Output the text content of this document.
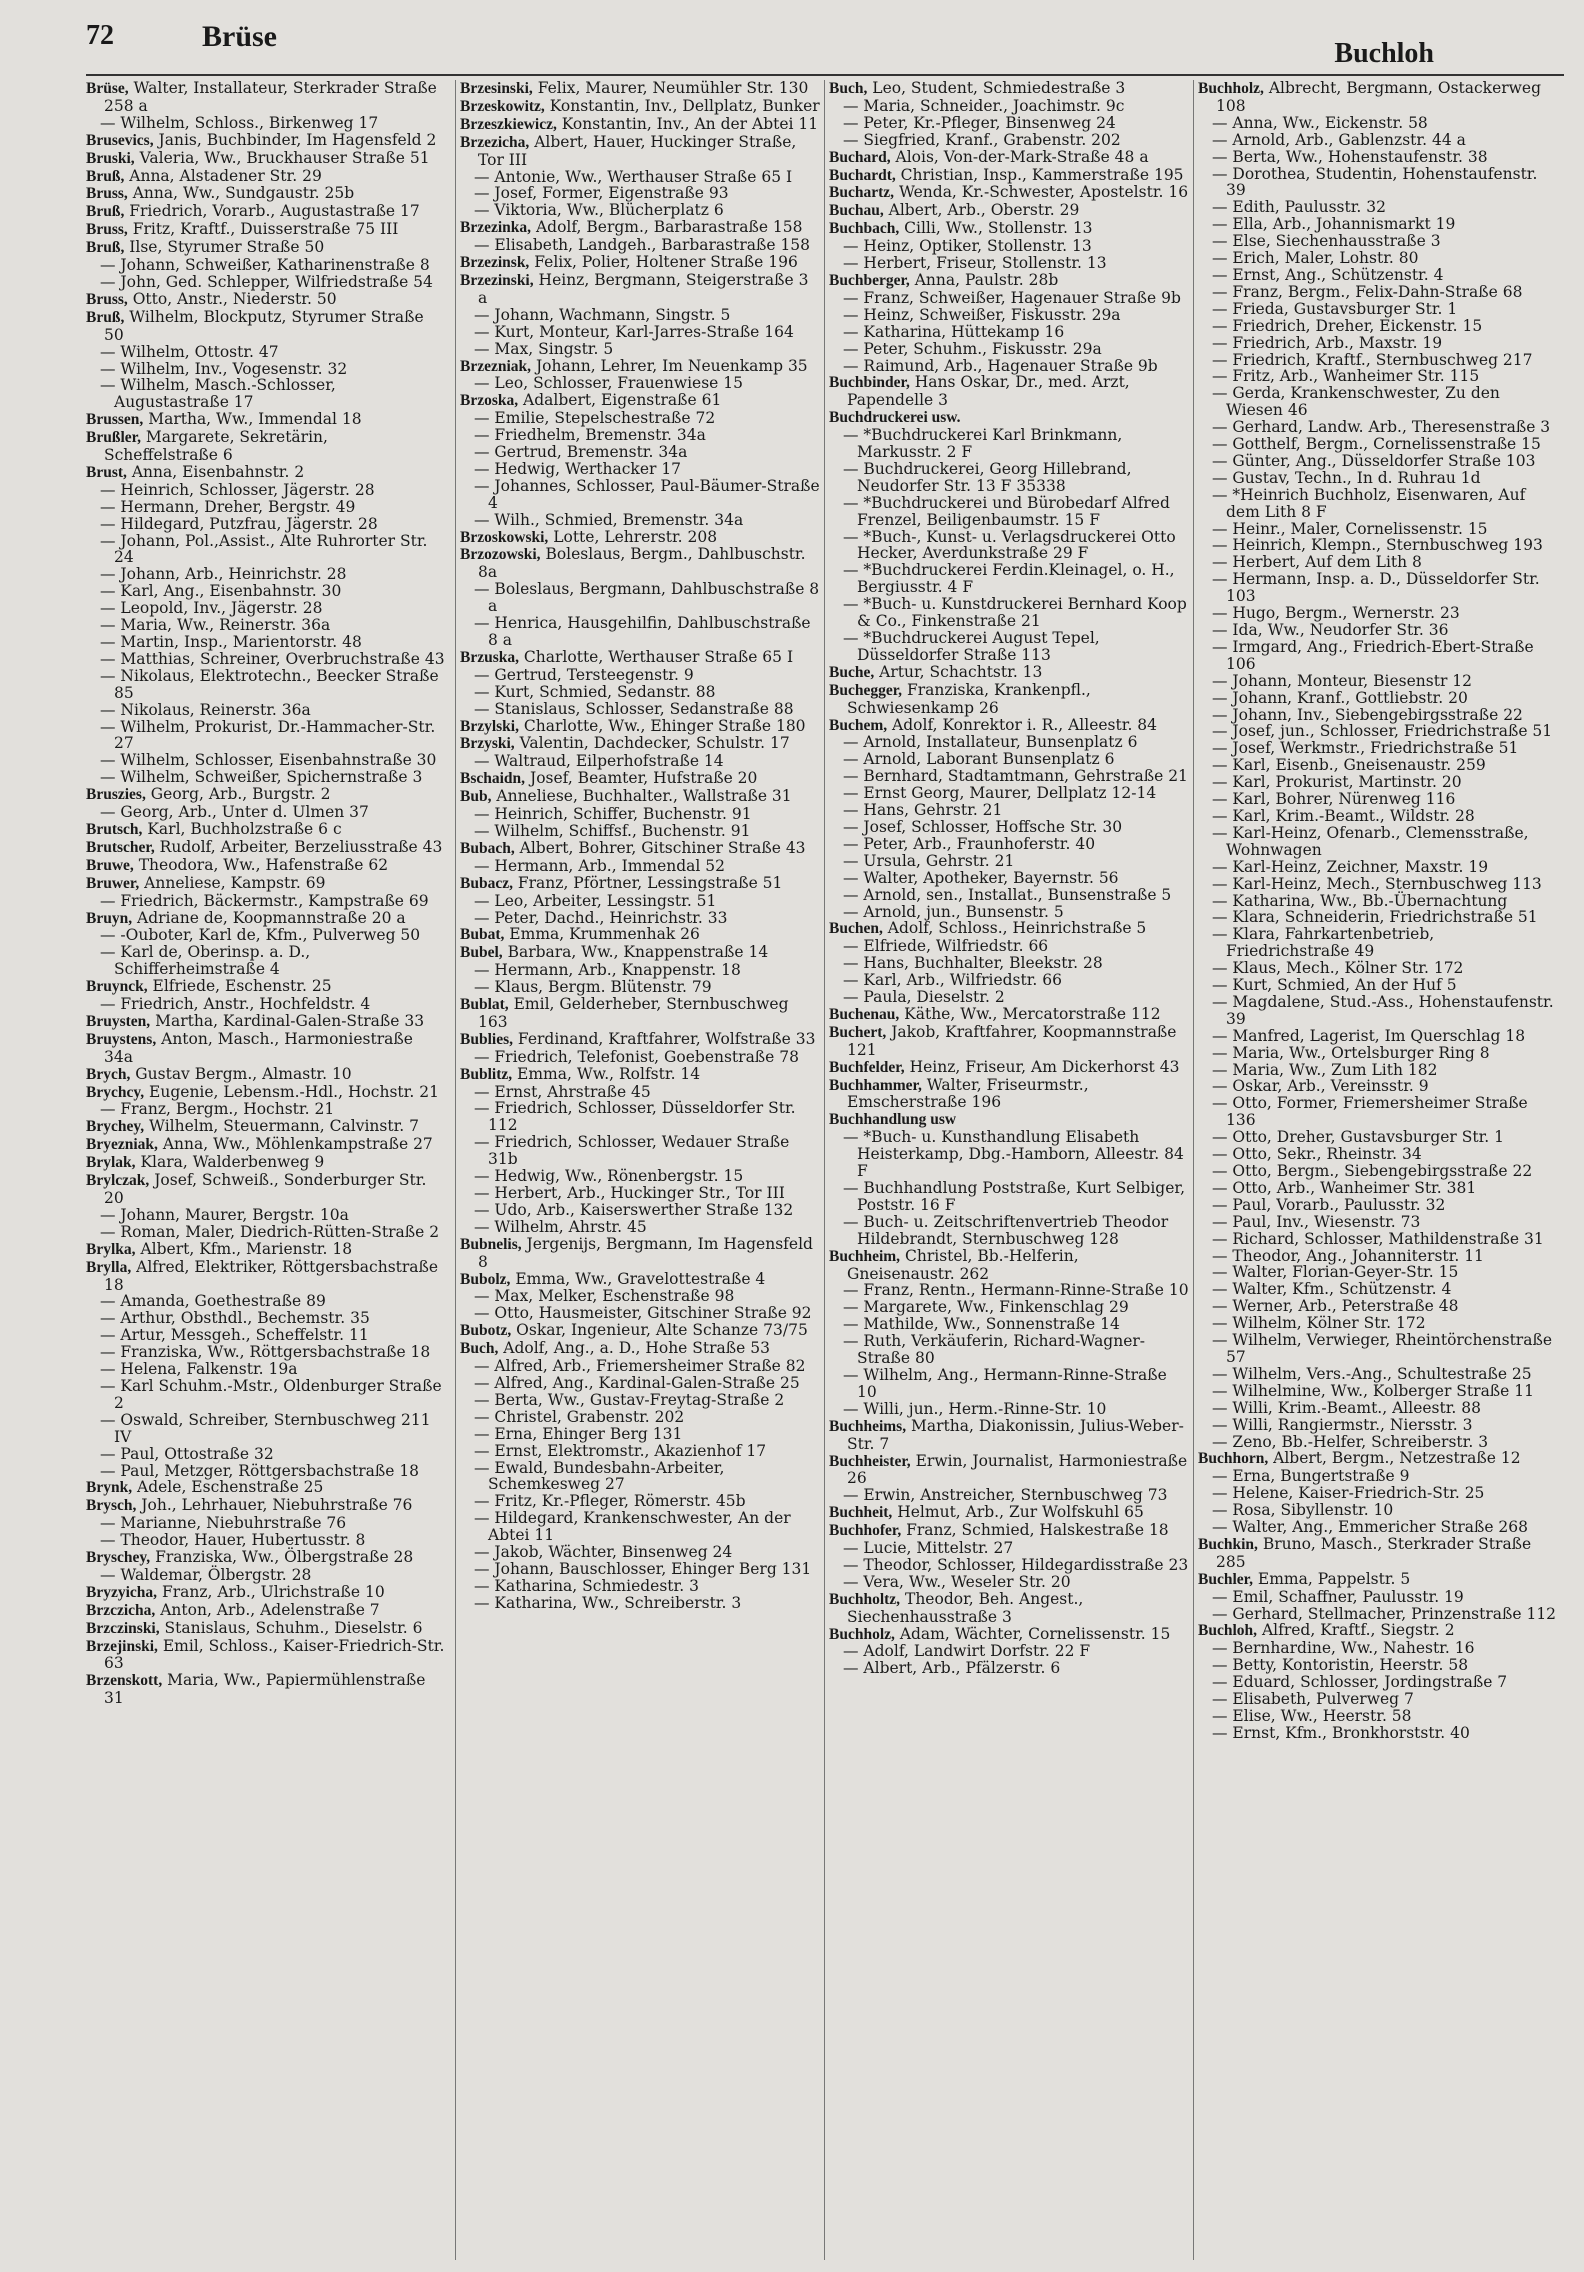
72	Brüse
Buchloh

Brüse, Walter, Installateur, Sterkrader Straße 258 a

— Wilhelm, Schloss., Birkenweg 17

Brusevics, Janis, Buchbinder, Im Hagensfeld 2

Bruski, Valeria, Ww., Bruckhauser Straße 51

Bruß, Anna, Alstadener Str. 29

Bruss, Anna, Ww., Sundgaustr. 25b

Bruß, Friedrich, Vorarb., Augustastraße 17

Bruss, Fritz, Kraftf., Duisserstraße 75 III

Bruß, Ilse, Styrumer Straße 50

— Johann, Schweißer, Katharinenstraße 8

— John, Ged. Schlepper, Wilfriedstraße 54

Bruss, Otto, Anstr., Niederstr. 50

Bruß, Wilhelm, Blockputz, Styrumer Straße 50

— Wilhelm, Ottostr. 47

— Wilhelm, Inv., Vogesenstr. 32

— Wilhelm, Masch.-Schlosser, Augustastraße 17

Brussen, Martha, Ww., Immendal 18

Brußler, Margarete, Sekretärin, Scheffelstraße 6

Brust, Anna, Eisenbahnstr. 2

— Heinrich, Schlosser, Jägerstr. 28

— Hermann, Dreher, Bergstr. 49

— Hildegard, Putzfrau, Jägerstr. 28

— Johann, Pol.,Assist., Alte Ruhrorter Str. 24

— Johann, Arb., Heinrichstr. 28

— Karl, Ang., Eisenbahnstr. 30

— Leopold, Inv., Jägerstr. 28

— Maria, Ww., Reinerstr. 36a

— Martin, Insp., Marientorstr. 48

— Matthias, Schreiner, Overbruchstraße 43

— Nikolaus, Elektrotechn., Beecker Straße 85

— Nikolaus, Reinerstr. 36a

— Wilhelm, Prokurist, Dr.-Hammacher-Str. 27

— Wilhelm, Schlosser, Eisenbahnstraße 30

— Wilhelm, Schweißer, Spichernstraße 3

Bruszies, Georg, Arb., Burgstr. 2

— Georg, Arb., Unter d. Ulmen 37

Brutsch, Karl, Buchholzstraße 6 c

Brutscher, Rudolf, Arbeiter, Berzeliusstraße 43

Bruwe, Theodora, Ww., Hafenstraße 62

Bruwer, Anneliese, Kampstr. 69

— Friedrich, Bäckermstr., Kampstraße 69

Bruyn, Adriane de, Koopmannstraße 20 a

— -Ouboter, Karl de, Kfm., Pulverweg 50

— Karl de, Oberinsp. a. D., Schifferheimstraße 4

Bruynck, Elfriede, Eschenstr. 25

— Friedrich, Anstr., Hochfeldstr. 4

Bruysten, Martha, Kardinal-Galen-Straße 33

Bruystens, Anton, Masch., Harmoniestraße 34a

Brych, Gustav Bergm., Almastr. 10

Brychcy, Eugenie, Lebensm.-Hdl., Hochstr. 21

— Franz, Bergm., Hochstr. 21

Brychey, Wilhelm, Steuermann, Calvinstr. 7

Bryezniak, Anna, Ww., Möhlenkampstraße 27

Brylak, Klara, Walderbenweg 9

Brylczak, Josef, Schweiß., Sonderburger Str. 20

— Johann, Maurer, Bergstr. 10a

— Roman, Maler, Diedrich-Rütten-Straße 2

Brylka, Albert, Kfm., Marienstr. 18

Brylla, Alfred, Elektriker, Röttgersbachstraße 18

— Amanda, Goethestraße 89

— Arthur, Obsthdl., Bechemstr. 35

— Artur, Messgeh., Scheffelstr. 11

— Franziska, Ww., Röttgersbachstraße 18

— Helena, Falkenstr. 19a

— Karl Schuhm.-Mstr., Oldenburger Straße 2

— Oswald, Schreiber, Sternbuschweg 211 IV

— Paul, Ottostraße 32

— Paul, Metzger, Röttgersbachstraße 18

Brynk, Adele, Eschenstraße 25

Brysch, Joh., Lehrhauer, Niebuhrstraße 76

— Marianne, Niebuhrstraße 76

— Theodor, Hauer, Hubertusstr. 8

Bryschey, Franziska, Ww., Ölbergstraße 28

— Waldemar, Ölbergstr. 28

Bryzyicha, Franz, Arb., Ulrichstraße 10

Brzczicha, Anton, Arb., Adelenstraße 7

Brzczinski, Stanislaus, Schuhm., Dieselstr. 6

Brzejinski, Emil, Schloss., Kaiser-Friedrich-Str. 63

Brzenskott, Maria, Ww., Papiermühlenstraße 31

Brzesinski, Felix, Maurer, Neumühler Str. 130

Brzeskowitz, Konstantin, Inv., Dellplatz, Bunker

Brzeszkiewicz, Konstantin, Inv., An der Abtei 11

Brzezicha, Albert, Hauer, Huckinger Straße, Tor III

— Antonie, Ww., Werthauser Straße 65 I

— Josef, Former, Eigenstraße 93

— Viktoria, Ww., Blücherplatz 6

Brzezinka, Adolf, Bergm., Barbarastraße 158

— Elisabeth, Landgeh., Barbarastraße 158

Brzezinsk, Felix, Polier, Holtener Straße 196

Brzezinski, Heinz, Bergmann, Steigerstraße 3 a

— Johann, Wachmann, Singstr. 5

— Kurt, Monteur, Karl-Jarres-Straße 164

— Max, Singstr. 5

Brzezniak, Johann, Lehrer, Im Neuenkamp 35

— Leo, Schlosser, Frauenwiese 15

Brzoska, Adalbert, Eigenstraße 61

— Emilie, Stepelschestraße 72

— Friedhelm, Bremenstr. 34a

— Gertrud, Bremenstr. 34a

— Hedwig, Werthacker 17

— Johannes, Schlosser, Paul-Bäumer-Straße 4

— Wilh., Schmied, Bremenstr. 34a

Brzoskowski, Lotte, Lehrerstr. 208

Brzozowski, Boleslaus, Bergm., Dahlbuschstr. 8a

— Boleslaus, Bergmann, Dahlbuschstraße 8 a

— Henrica, Hausgehilfin, Dahlbuschstraße 8 a

Brzuska, Charlotte, Werthauser Straße 65 I

— Gertrud, Tersteegenstr. 9

— Kurt, Schmied, Sedanstr. 88

— Stanislaus, Schlosser, Sedanstraße 88

Brzylski, Charlotte, Ww., Ehinger Straße 180

Brzyski, Valentin, Dachdecker, Schulstr. 17

— Waltraud, Eilperhofstraße 14

Bschaidn, Josef, Beamter, Hufstraße 20

Bub, Anneliese, Buchhalter., Wallstraße 31

— Heinrich, Schiffer, Buchenstr. 91

— Wilhelm, Schiffsf., Buchenstr. 91

Bubach, Albert, Bohrer, Gitschiner Straße 43

— Hermann, Arb., Immendal 52

Bubacz, Franz, Pförtner, Lessingstraße 51

— Leo, Arbeiter, Lessingstr. 51

— Peter, Dachd., Heinrichstr. 33

Bubat, Emma, Krummenhak 26

Bubel, Barbara, Ww., Knappenstraße 14

— Hermann, Arb., Knappenstr. 18

— Klaus, Bergm. Blütenstr. 79

Bublat, Emil, Gelderheber, Sternbuschweg 163

Bublies, Ferdinand, Kraftfahrer, Wolfstraße 33

— Friedrich, Telefonist, Goebenstraße 78

Bublitz, Emma, Ww., Rolfstr. 14

— Ernst, Ahrstraße 45

— Friedrich, Schlosser, Düsseldorfer Str. 112

— Friedrich, Schlosser, Wedauer Straße 31b

— Hedwig, Ww., Rönenbergstr. 15

— Herbert, Arb., Huckinger Str., Tor III

— Udo, Arb., Kaiserswerther Straße 132

— Wilhelm, Ahrstr. 45

Bubnelis, Jergenijs, Bergmann, Im Hagensfeld 8

Bubolz, Emma, Ww., Gravelottestraße 4

— Max, Melker, Eschenstraße 98

— Otto, Hausmeister, Gitschiner Straße 92

Bubotz, Oskar, Ingenieur, Alte Schanze 73/75

Buch, Adolf, Ang., a. D., Hohe Straße 53

— Alfred, Arb., Friemersheimer Straße 82

— Alfred, Ang., Kardinal-Galen-Straße 25

— Berta, Ww., Gustav-Freytag-Straße 2

— Christel, Grabenstr. 202

— Erna, Ehinger Berg 131

— Ernst, Elektromstr., Akazienhof 17

— Ewald, Bundesbahn-Arbeiter, Schemkesweg 27

— Fritz, Kr.-Pfleger, Römerstr. 45b

— Hildegard, Krankenschwester, An der Abtei 11

— Jakob, Wächter, Binsenweg 24

— Johann, Bauschlosser, Ehinger Berg 131

— Katharina, Schmiedestr. 3

— Katharina, Ww., Schreiberstr. 3

Buch, Leo, Student, Schmiedestraße 3

— Maria, Schneider., Joachimstr. 9c

— Peter, Kr.-Pfleger, Binsenweg 24

— Siegfried, Kranf., Grabenstr. 202

Buchard, Alois, Von-der-Mark-Straße 48 a

Buchardt, Christian, Insp., Kammerstraße 195

Buchartz, Wenda, Kr.-Schwester, Apostelstr. 16

Buchau, Albert, Arb., Oberstr. 29

Buchbach, Cilli, Ww., Stollenstr. 13

— Heinz, Optiker, Stollenstr. 13

— Herbert, Friseur, Stollenstr. 13

Buchberger, Anna, Paulstr. 28b

— Franz, Schweißer, Hagenauer Straße 9b

— Heinz, Schweißer, Fiskusstr. 29a

— Katharina, Hüttekamp 16

— Peter, Schuhm., Fiskusstr. 29a

— Raimund, Arb., Hagenauer Straße 9b

Buchbinder, Hans Oskar, Dr., med. Arzt, Papendelle 3

Buchdruckerei usw.

— *Buchdruckerei Karl Brinkmann, Markusstr. 2 F

— Buchdruckerei, Georg Hillebrand, Neudorfer Str. 13 F 35338

— *Buchdruckerei und Bürobedarf Alfred Frenzel, Beiligenbaumstr. 15 F

— *Buch-, Kunst- u. Verlagsdruckerei Otto Hecker, Averdunkstraße 29 F

— *Buchdruckerei Ferdin.Kleinagel, o. H., Bergiusstr. 4 F

— *Buch- u. Kunstdruckerei Bernhard Koop & Co., Finkenstraße 21

— *Buchdruckerei August Tepel, Düsseldorfer Straße 113

Buche, Artur, Schachtstr. 13

Buchegger, Franziska, Krankenpfl., Schwiesenkamp 26

Buchem, Adolf, Konrektor i. R., Alleestr. 84

— Arnold, Installateur, Bunsenplatz 6

— Arnold, Laborant Bunsenplatz 6

— Bernhard, Stadtamtmann, Gehrstraße 21

— Ernst Georg, Maurer, Dellplatz 12-14

— Hans, Gehrstr. 21

— Josef, Schlosser, Hoffsche Str. 30

— Peter, Arb., Fraunhoferstr. 40

— Ursula, Gehrstr. 21

— Walter, Apotheker, Bayernstr. 56

— Arnold, sen., Installat., Bunsenstraße 5

— Arnold, jun., Bunsenstr. 5

Buchen, Adolf, Schloss., Heinrichstraße 5

— Elfriede, Wilfriedstr. 66

— Hans, Buchhalter, Bleekstr. 28

— Karl, Arb., Wilfriedstr. 66

— Paula, Dieselstr. 2

Buchenau, Käthe, Ww., Mercatorstraße 112

Buchert, Jakob, Kraftfahrer, Koopmannstraße 121

Buchfelder, Heinz, Friseur, Am Dickerhorst 43

Buchhammer, Walter, Friseurmstr., Emscherstraße 196

Buchhandlung usw

— *Buch- u. Kunsthandlung Elisabeth Heisterkamp, Dbg.-Hamborn, Alleestr. 84 F

— Buchhandlung Poststraße, Kurt Selbiger, Poststr. 16 F

— Buch- u. Zeitschriftenvertrieb Theodor Hildebrandt, Sternbuschweg 128

Buchheim, Christel, Bb.-Helferin, Gneisenaustr. 262

— Franz, Rentn., Hermann-Rinne-Straße 10

— Margarete, Ww., Finkenschlag 29

— Mathilde, Ww., Sonnenstraße 14

— Ruth, Verkäuferin, Richard-Wagner-Straße 80

— Wilhelm, Ang., Hermann-Rinne-Straße 10

— Willi, jun., Herm.-Rinne-Str. 10

Buchheims, Martha, Diakonissin, Julius-Weber-Str. 7

Buchheister, Erwin, Journalist, Harmoniestraße 26

— Erwin, Anstreicher, Sternbuschweg 73

Buchheit, Helmut, Arb., Zur Wolfskuhl 65

Buchhofer, Franz, Schmied, Halskestraße 18

— Lucie, Mittelstr. 27

— Theodor, Schlosser, Hildegardisstraße 23

— Vera, Ww., Weseler Str. 20

Buchholtz, Theodor, Beh. Angest., Siechenhausstraße 3

Buchholz, Adam, Wächter, Cornelissenstr. 15

— Adolf, Landwirt Dorfstr. 22 F

— Albert, Arb., Pfälzerstr. 6

Buchholz, Albrecht, Bergmann, Ostackerweg 108

— Anna, Ww., Eickenstr. 58

— Arnold, Arb., Gablenzstr. 44 a

— Berta, Ww., Hohenstaufenstr. 38

— Dorothea, Studentin, Hohenstaufenstr. 39

— Edith, Paulusstr. 32

— Ella, Arb., Johannismarkt 19

— Else, Siechenhausstraße 3

— Erich, Maler, Lohstr. 80

— Ernst, Ang., Schützenstr. 4

— Franz, Bergm., Felix-Dahn-Straße 68

— Frieda, Gustavsburger Str. 1

— Friedrich, Dreher, Eickenstr. 15

— Friedrich, Arb., Maxstr. 19

— Friedrich, Kraftf., Sternbuschweg 217

— Fritz, Arb., Wanheimer Str. 115

— Gerda, Krankenschwester, Zu den Wiesen 46

— Gerhard, Landw. Arb., Theresenstraße 3

— Gotthelf, Bergm., Cornelissenstraße 15

— Günter, Ang., Düsseldorfer Straße 103

— Gustav, Techn., In d. Ruhrau 1d

— *Heinrich Buchholz, Eisenwaren, Auf dem Lith 8 F

— Heinr., Maler, Cornelissenstr. 15

— Heinrich, Klempn., Sternbuschweg 193

— Herbert, Auf dem Lith 8

— Hermann, Insp. a. D., Düsseldorfer Str. 103

— Hugo, Bergm., Wernerstr. 23

— Ida, Ww., Neudorfer Str. 36

— Irmgard, Ang., Friedrich-Ebert-Straße 106

— Johann, Monteur, Biesenstr 12

— Johann, Kranf., Gottliebstr. 20

— Johann, Inv., Siebengebirgsstraße 22

— Josef, jun., Schlosser, Friedrichstraße 51

— Josef, Werkmstr., Friedrichstraße 51

— Karl, Eisenb., Gneisenaustr. 259

— Karl, Prokurist, Martinstr. 20

— Karl, Bohrer, Nürenweg 116

— Karl, Krim.-Beamt., Wildstr. 28

— Karl-Heinz, Ofenarb., Clemensstraße, Wohnwagen

— Karl-Heinz, Zeichner, Maxstr. 19

— Karl-Heinz, Mech., Sternbuschweg 113

— Katharina, Ww., Bb.-Übernachtung

— Klara, Schneiderin, Friedrichstraße 51

— Klara, Fahrkartenbetrieb, Friedrichstraße 49

— Klaus, Mech., Kölner Str. 172

— Kurt, Schmied, An der Huf 5

— Magdalene, Stud.-Ass., Hohenstaufenstr. 39

— Manfred, Lagerist, Im Querschlag 18

— Maria, Ww., Ortelsburger Ring 8

— Maria, Ww., Zum Lith 182

— Oskar, Arb., Vereinsstr. 9

— Otto, Former, Friemersheimer Straße 136

— Otto, Dreher, Gustavsburger Str. 1

— Otto, Sekr., Rheinstr. 34

— Otto, Bergm., Siebengebirgsstraße 22

— Otto, Arb., Wanheimer Str. 381

— Paul, Vorarb., Paulusstr. 32

— Paul, Inv., Wiesenstr. 73

— Richard, Schlosser, Mathildenstraße 31

— Theodor, Ang., Johanniterstr. 11

— Walter, Florian-Geyer-Str. 15

— Walter, Kfm., Schützenstr. 4

— Werner, Arb., Peterstraße 48

— Wilhelm, Kölner Str. 172

— Wilhelm, Verwieger, Rheintörchenstraße 57

— Wilhelm, Vers.-Ang., Schultestraße 25

— Wilhelmine, Ww., Kolberger Straße 11

— Willi, Krim.-Beamt., Alleestr. 88

— Willi, Rangiermstr., Niersstr. 3

— Zeno, Bb.-Helfer, Schreiberstr. 3

Buchhorn, Albert, Bergm., Netzestraße 12

— Erna, Bungertstraße 9

— Helene, Kaiser-Friedrich-Str. 25

— Rosa, Sibyllenstr. 10

— Walter, Ang., Emmericher Straße 268

Buchkin, Bruno, Masch., Sterkrader Straße 285

Buchler, Emma, Pappelstr. 5

— Emil, Schaffner, Paulusstr. 19

— Gerhard, Stellmacher, Prinzenstraße 112

Buchloh, Alfred, Kraftf., Siegstr. 2

— Bernhardine, Ww., Nahestr. 16

— Betty, Kontoristin, Heerstr. 58

— Eduard, Schlosser, Jordingstraße 7

— Elisabeth, Pulverweg 7

— Elise, Ww., Heerstr. 58

— Ernst, Kfm., Bronkhorststr. 40
